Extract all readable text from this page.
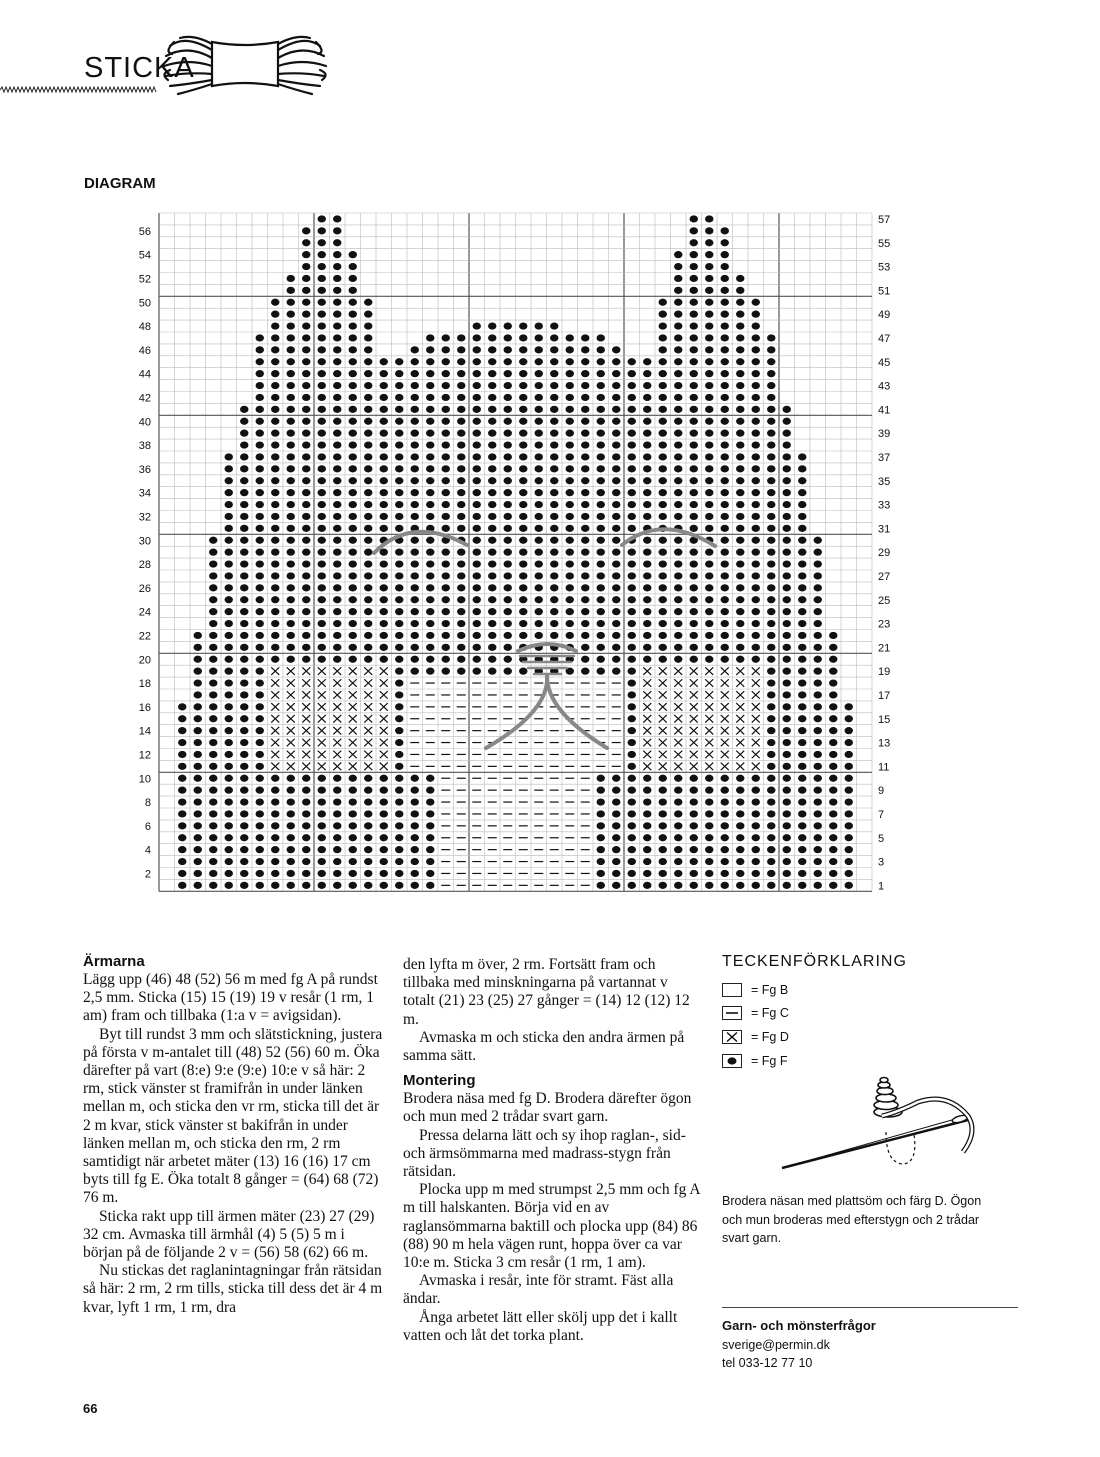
STICKA
DIAGRAM
2
4
6
8
10
12
14
16
18
20
22
24
26
28
30
32
34
36
38
40
42
44
46
48
50
52
54
56
1
3
5
7
9
11
13
15
17
19
21
23
25
27
29
31
33
35
37
39
41
43
45
47
49
51
53
55
57
Ärmarna

Lägg upp (46) 48 (52) 56 m med fg A på rundst 2,5 mm. Sticka (15) 15 (19) 19 v resår (1 rm, 1 am) fram och tillbaka (1:a v = avigsidan).

Byt till rundst 3 mm och slätstickning, justera på första v m-antalet till (48) 52 (56) 60 m. Öka därefter på vart (8:e) 9:e (9:e) 10:e v så här: 2 rm, stick vänster st framifrån in under länken mellan m, och sticka den vr rm, sticka till det är 2 m kvar, stick vänster st bakifrån in under länken mellan m, och sticka den rm, 2 rm samtidigt när arbetet mäter (13) 16 (16) 17 cm byts till fg E. Öka totalt 8 gånger = (64) 68 (72) 76 m.

Sticka rakt upp till ärmen mäter (23) 27 (29) 32 cm. Avmaska till ärmhål (4) 5 (5) 5 m i början på de följande 2 v = (56) 58 (62) 66 m.

Nu stickas det raglanintagningar från rätsidan så här: 2 rm, 2 rm tills, sticka till dess det är 4 m kvar, lyft 1 rm, 1 rm, dra

den lyfta m över, 2 rm. Fortsätt fram och tillbaka med minskningarna på vartannat v totalt (21) 23 (25) 27 gånger = (14) 12 (12) 12 m.

Avmaska m och sticka den andra ärmen på samma sätt.

Montering

Brodera näsa med fg D. Brodera därefter ögon och mun med 2 trådar svart garn.

Pressa delarna lätt och sy ihop raglan-, sid- och ärmsömmarna med madrass-stygn från rätsidan.

Plocka upp m med strumpst 2,5 mm och fg A m till halskanten. Börja vid en av raglansömmarna baktill och plocka upp (84) 86 (88) 90 m hela vägen runt, hoppa över ca var 10:e m. Sticka 3 cm resår (1 rm, 1 am).

Avmaska i resår, inte för stramt. Fäst alla ändar.

Ånga arbetet lätt eller skölj upp det i kallt vatten och låt det torka plant.

TECKENFÖRKLARING
= Fg B
= Fg C
= Fg D
= Fg F
Brodera näsan med plattsöm och färg D. Ögon och mun broderas med efterstygn och 2 trådar svart garn.
Garn- och mönsterfrågor
sverige@permin.dk
tel 033-12 77 10
66
